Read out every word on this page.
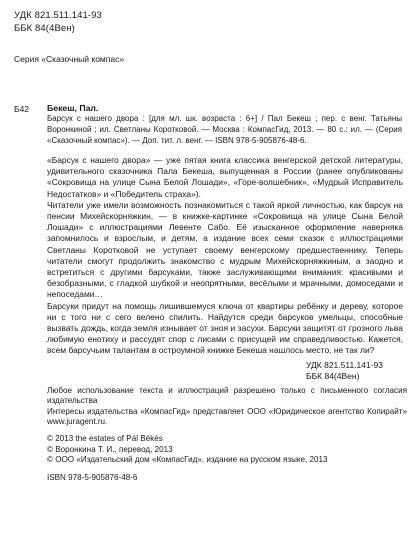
УДК 821.511.141-93
ББК 84(4Вен)
Серия «Сказочный компас»
Б42 Бекеш, Пал.

Барсук с нашего двора : [для мл. шк. возраста : 6+] / Пал Бекеш ; пер. с венг. Татьяны Воронкиной ; ил. Светланы Коротковой. — Москва : КомпасГид, 2013. — 80 с.: ил. — (Серия «Сказочный компас»). — Доп. тит. л. венг. — ISBN 978-5-905876-48-6.

«Барсук с нашего двора» — уже пятая книга классика венгерской детской литературы, удивительного сказочника Пала Бекеша, выпущенная в России (ранее опубликованы «Сокровища на улице Сына Белой Лошади», «Горе-волшебник», «Мудрый Исправитель Недостатков» и «Победитель страха»).

Читатели уже имели возможность познакомиться с такой яркой личностью, как барсук на пенсии Михейскорняжкин, — в книжке-картинке «Сокровища на улице Сына Белой Лошади» с иллюстрациями Левенте Сабо. Её изысканное оформление наверняка запомнилось и взрослым, и детям, а издание всех семи сказок с иллюстрациями Светланы Коротковой не уступает своему венгерскому предшественнику. Теперь читатели смогут продолжить знакомство с мудрым Михейскорняжкиным, а заодно и встретиться с другими барсуками, также заслуживающими внимания: красивыми и безобразными, с гладкой шубкой и неопрятными, весёлыми и мрачными, домоседами и непоседами…

Барсуки придут на помощь лишившемуся ключа от квартиры ребёнку и дереву, которое ни с того ни с сего велено спилить. Найдутся среди барсуков умельцы, способные вызвать дождь, когда земля изнывает от зноя и засухи. Барсуки защитят от грозного льва любимую енотиху и рассудят спор с лисами с присущей им справедливостью. Кажется, всем барсучьим талантам в остроумной книжке Бекеша нашлось место, не так ли?

УДК 821.511.141-93
ББК 84(4Вен)

Любое использование текста и иллюстраций разрешено только с письменного согласия издательства

Интересы издательства «КомпасГид» представляет ООО «Юридическое агентство Копирайт» www.juragent.ru.

© 2013 the estates of Pál Békés
© Воронкина Т. И., перевод, 2013
© ООО «Издательский дом «КомпасГид», издание на русском языке, 2013
ISBN 978-5-905876-48-6
